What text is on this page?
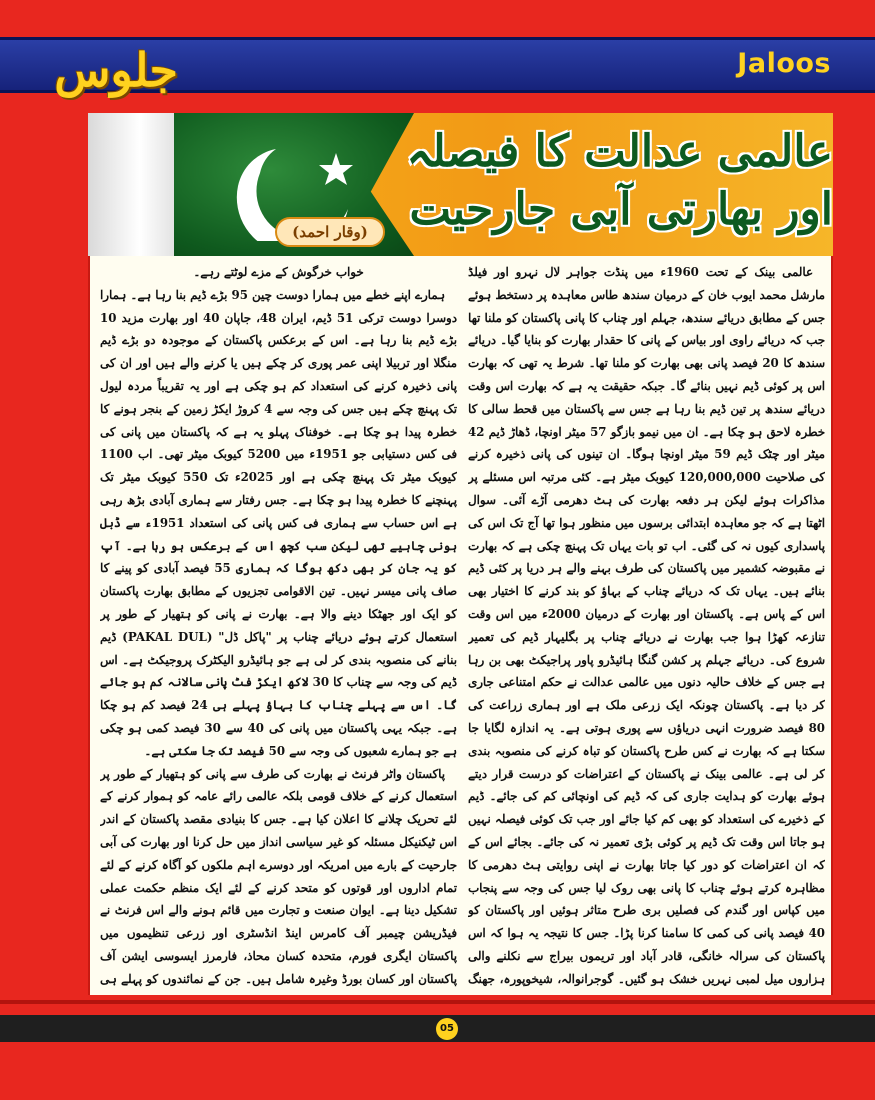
جلوس	Jaloos
عالمی عدالت کا فیصلہ
اور بھارتی آبی جارحیت
(وقار احمد)

عالمی بینک کے تحت 1960ء میں پنڈت جواہر لال نہرو اور فیلڈ مارشل محمد ایوب خان کے درمیان سندھ طاس معاہدہ پر دستخط ہوئے جس کے مطابق دریائے سندھ، جہلم اور چناب کا پانی پاکستان کو ملنا تھا جب کہ دریائے راوی اور بیاس کے پانی کا حقدار بھارت کو بنایا گیا۔ دریائے سندھ کا 20 فیصد پانی بھی بھارت کو ملنا تھا۔ شرط یہ تھی کہ بھارت اس پر کوئی ڈیم نہیں بنائے گا۔ جبکہ حقیقت یہ ہے کہ بھارت اس وقت دریائے سندھ پر تین ڈیم بنا رہا ہے جس سے پاکستان میں قحط سالی کا خطرہ لاحق ہو چکا ہے۔ ان میں نیمو بازگو 57 میٹر اونچا، ڈھاڑ ڈیم 42 میٹر اور چٹک ڈیم 59 میٹر اونچا ہوگا۔ ان تینوں کی پانی ذخیرہ کرنے کی صلاحیت 120,000,000 کیوبک میٹر ہے۔ کئی مرتبہ اس مسئلے پر مذاکرات ہوئے لیکن ہر دفعہ بھارت کی ہٹ دھرمی آڑے آئی۔ سوال اٹھتا ہے کہ جو معاہدہ ابتدائی برسوں میں منظور ہوا تھا آج تک اس کی پاسداری کیوں نہ کی گئی۔ اب تو بات یہاں تک پہنچ چکی ہے کہ بھارت نے مقبوضہ کشمیر میں پاکستان کی طرف بہنے والے ہر دریا پر کئی ڈیم بنائے ہیں۔ یہاں تک کہ دریائے چناب کے بہاؤ کو بند کرنے کا اختیار بھی اس کے پاس ہے۔ پاکستان اور بھارت کے درمیان 2000ء میں اس وقت تنازعہ کھڑا ہوا جب بھارت نے دریائے چناب پر بگلیہار ڈیم کی تعمیر شروع کی۔ دریائے جہلم پر کشن گنگا ہائیڈرو پاور پراجیکٹ بھی بن رہا ہے جس کے خلاف حالیہ دنوں میں عالمی عدالت نے حکم امتناعی جاری کر دیا ہے۔ پاکستان چونکہ ایک زرعی ملک ہے اور ہماری زراعت کی 80 فیصد ضرورت انہی دریاؤں سے پوری ہوتی ہے۔ یہ اندازہ لگایا جا سکتا ہے کہ بھارت نے کس طرح پاکستان کو تباہ کرنے کی منصوبہ بندی کر لی ہے۔ عالمی بینک نے پاکستان کے اعتراضات کو درست قرار دیتے ہوئے بھارت کو ہدایت جاری کی کہ ڈیم کی اونچائی کم کی جائے۔ ڈیم کے ذخیرے کی استعداد کو بھی کم کیا جائے اور جب تک کوئی فیصلہ نہیں ہو جاتا اس وقت تک ڈیم پر کوئی بڑی تعمیر نہ کی جائے۔ بجائے اس کے کہ ان اعتراضات کو دور کیا جاتا بھارت نے اپنی روایتی ہٹ دھرمی کا مظاہرہ کرتے ہوئے چناب کا پانی بھی روک لیا جس کی وجہ سے پنجاب میں کپاس اور گندم کی فصلیں بری طرح متاثر ہوئیں اور پاکستان کو 40 فیصد پانی کی کمی کا سامنا کرنا پڑا۔ جس کا نتیجہ یہ ہوا کہ اس پاکستان کی سرالہ خانگی، قادر آباد اور تریموں بیراج سے نکلنے والی ہزاروں میل لمبی نہریں خشک ہو گئیں۔ گوجرانوالہ، شیخوپورہ، جھنگ

خواب خرگوش کے مزے لوٹتے رہے۔

ہمارے اپنے خطے میں ہمارا دوست چین 95 بڑے ڈیم بنا رہا ہے۔ ہمارا دوسرا دوست ترکی 51 ڈیم، ایران 48، جاپان 40 اور بھارت مزید 10 بڑے ڈیم بنا رہا ہے۔ اس کے برعکس پاکستان کے موجودہ دو بڑے ڈیم منگلا اور تربیلا اپنی عمر پوری کر چکے ہیں یا کرنے والے ہیں اور ان کی پانی ذخیرہ کرنے کی استعداد کم ہو چکی ہے اور یہ تقریباً مردہ لیول تک پہنچ چکے ہیں جس کی وجہ سے 4 کروڑ ایکڑ زمین کے بنجر ہونے کا خطرہ پیدا ہو چکا ہے۔ خوفناک پہلو یہ ہے کہ پاکستان میں پانی کی فی کس دستیابی جو 1951ء میں 5200 کیوبک میٹر تھی۔ اب 1100 کیوبک میٹر تک پہنچ چکی ہے اور 2025ء تک 550 کیوبک میٹر تک پہنچنے کا خطرہ پیدا ہو چکا ہے۔ جس رفتار سے ہماری آبادی بڑھ رہی ہے اس حساب سے ہماری فی کس پانی کی استعداد 1951ء سے ڈبل ہونی چاہیے تھی لیکن سب کچھ اس کے برعکس ہو رہا ہے۔ آپ کو یہ جان کر بھی دکھ ہوگا کہ ہماری 55 فیصد آبادی کو پینے کا صاف پانی میسر نہیں۔ تین الاقوامی تجزیوں کے مطابق بھارت پاکستان کو ایک اور جھٹکا دینے والا ہے۔ بھارت نے پانی کو ہتھیار کے طور پر استعمال کرتے ہوئے دریائے چناب پر "پاکل ڈل" (PAKAL DUL) ڈیم بنانے کی منصوبہ بندی کر لی ہے جو ہائیڈرو الیکٹرک پروجیکٹ ہے۔ اس ڈیم کی وجہ سے چناب کا 30 لاکھ ایکڑ فٹ پانی سالانہ کم ہو جائے گا۔ اس سے پہلے چناب کا بہاؤ پہلے ہی 24 فیصد کم ہو چکا ہے۔ جبکہ یہی پاکستان میں پانی کی 40 سے 30 فیصد کمی ہو چکی ہے جو ہمارے شعبوں کی وجہ سے 50 فیصد تک جا سکتی ہے۔

پاکستان واٹر فرنٹ نے بھارت کی طرف سے پانی کو ہتھیار کے طور پر استعمال کرنے کے خلاف قومی بلکہ عالمی رائے عامہ کو ہموار کرنے کے لئے تحریک چلانے کا اعلان کیا ہے۔ جس کا بنیادی مقصد پاکستان کے اندر اس ٹیکنیکل مسئلہ کو غیر سیاسی انداز میں حل کرنا اور بھارت کی آبی جارحیت کے بارے میں امریکہ اور دوسرے اہم ملکوں کو آگاہ کرنے کے لئے تمام اداروں اور قوتوں کو متحد کرنے کے لئے ایک منظم حکمت عملی تشکیل دینا ہے۔ ایوان صنعت و تجارت میں قائم ہونے والے اس فرنٹ نے فیڈریشن چیمبر آف کامرس اینڈ انڈسٹری اور زرعی تنظیموں میں پاکستان ایگری فورم، متحدہ کسان محاذ، فارمرز ایسوسی ایشن آف پاکستان اور کسان بورڈ وغیرہ شامل ہیں۔ جن کے نمائندوں کو پہلے ہی

05
